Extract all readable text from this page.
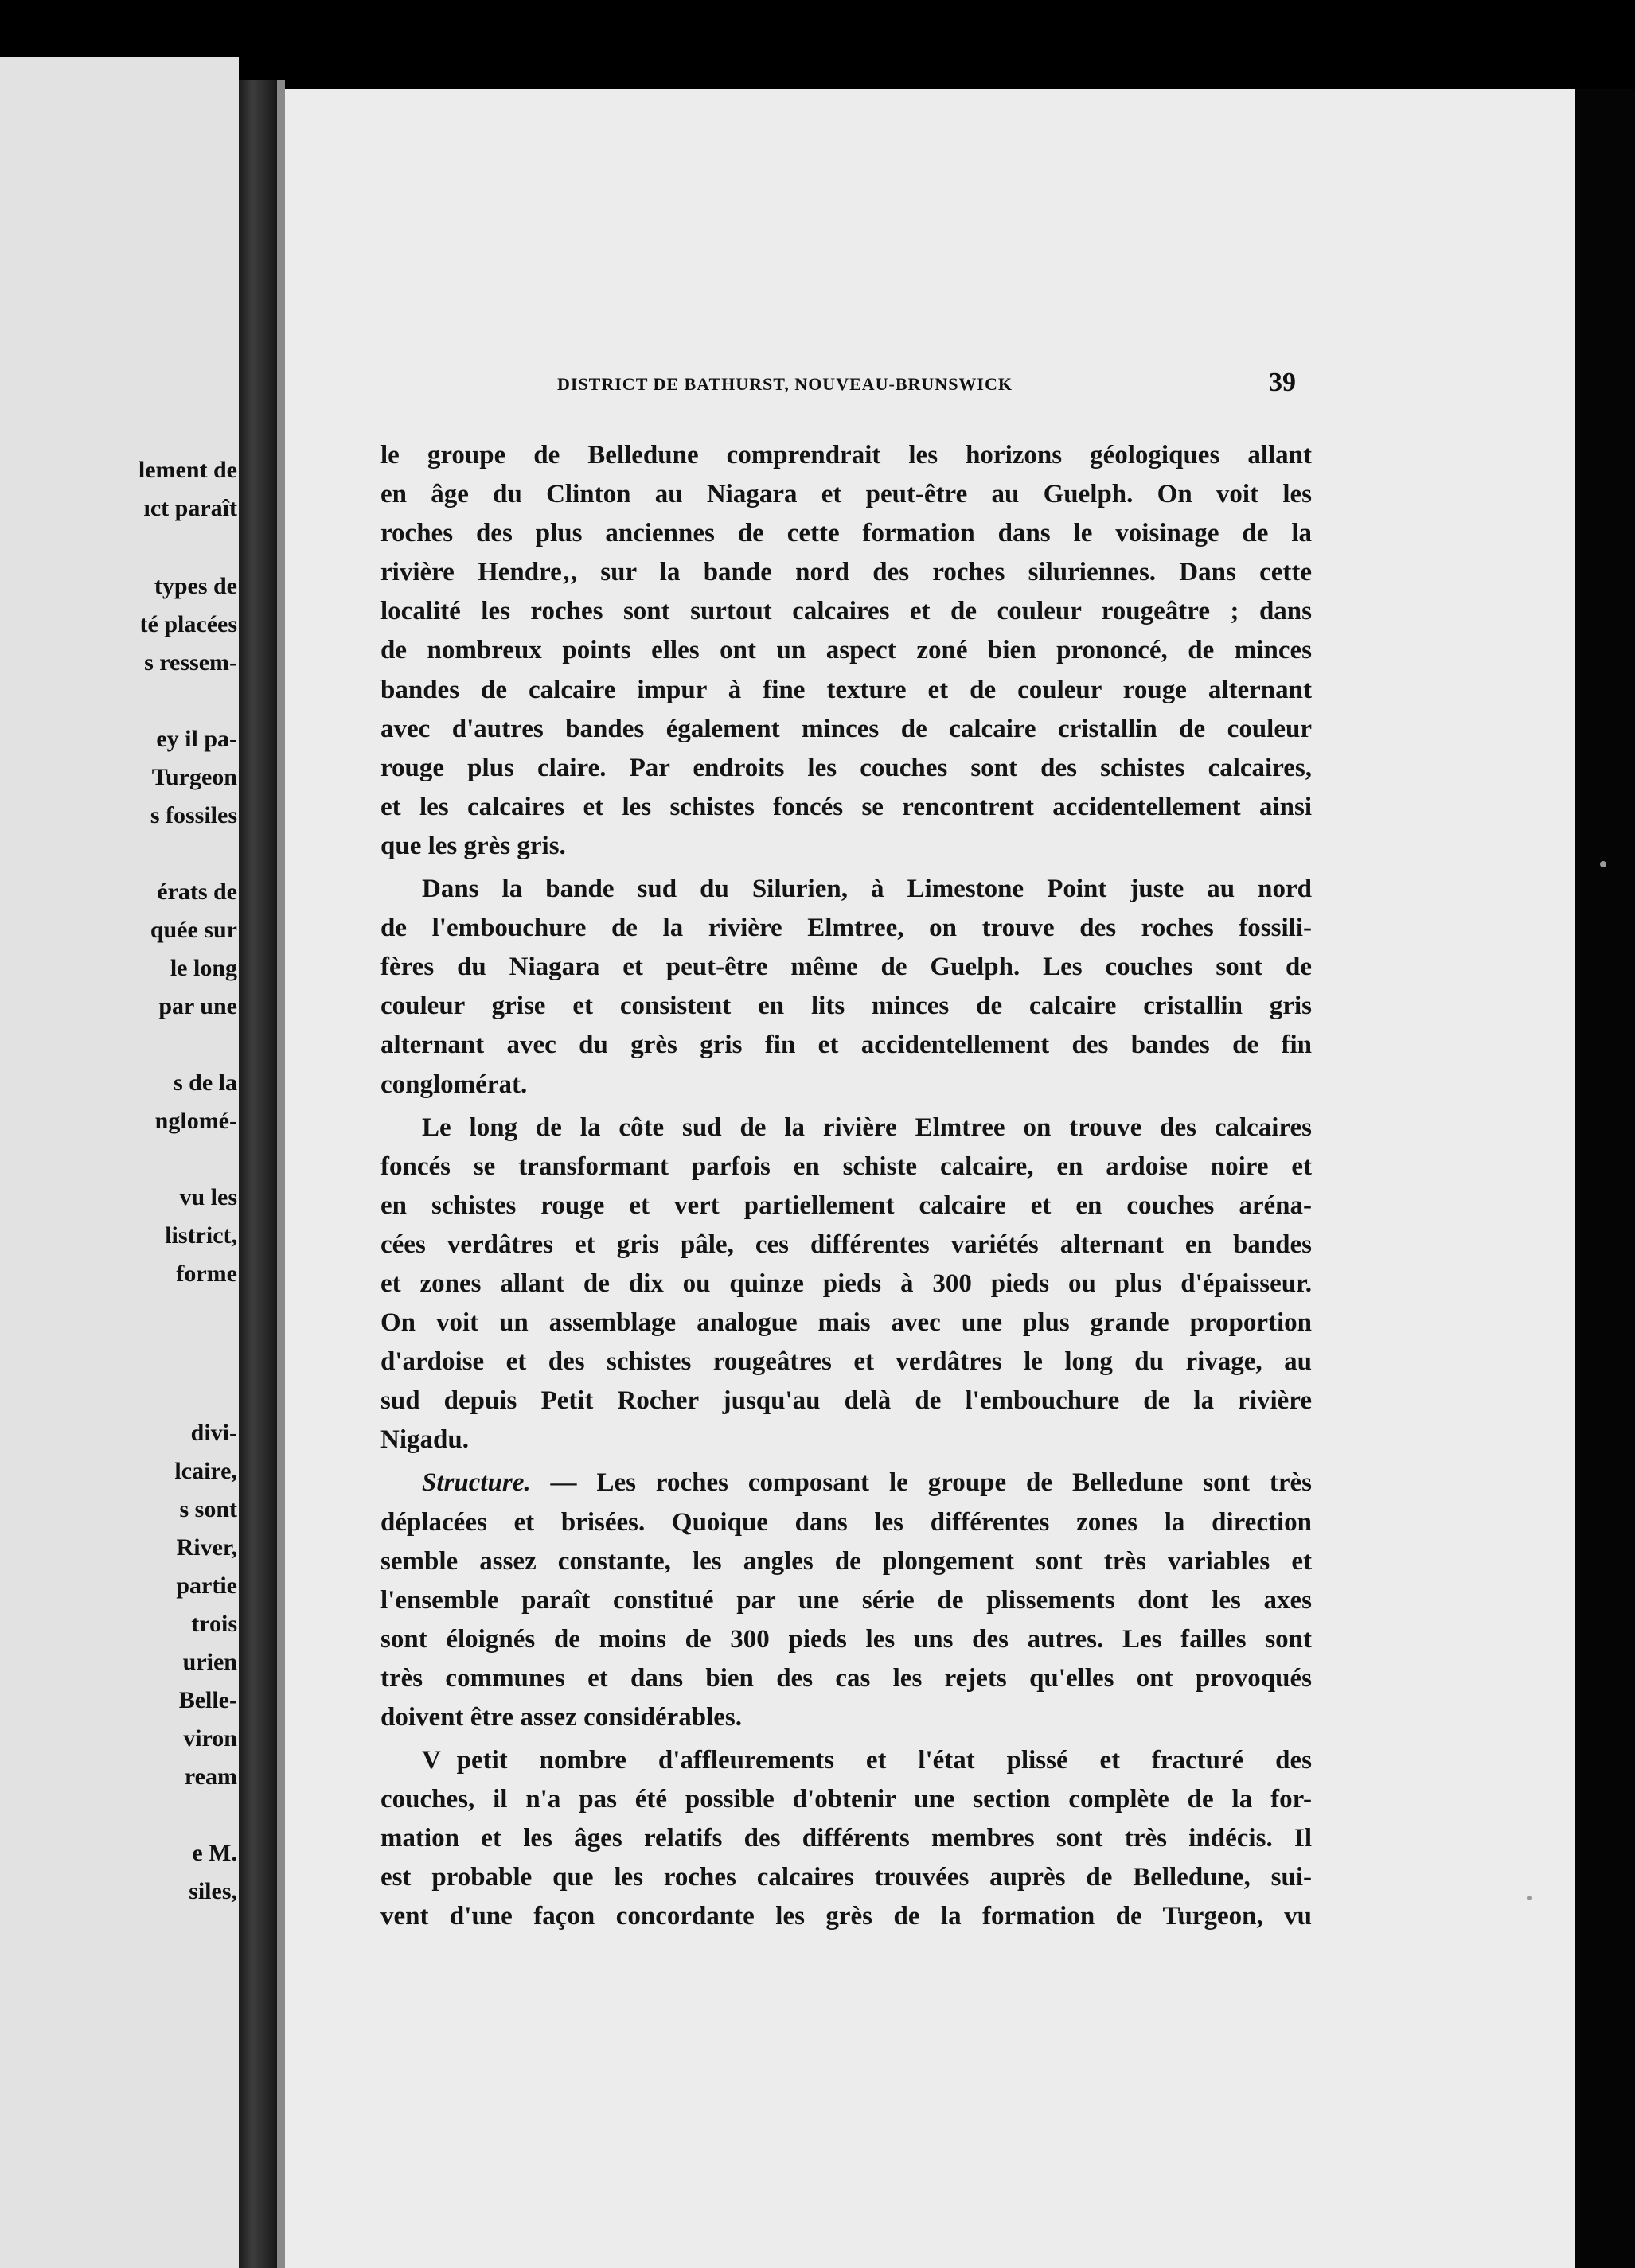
lement de

ıct paraît

types de

té placées

s ressem-

ey il pa-

Turgeon

s fossiles

érats de

quée sur

le long

par une

s de la

nglomé-

vu les

listrict,

forme

divi-

lcaire,

s sont

River,

partie

trois

urien

Belle-

viron

ream

e M.

siles,

DISTRICT DE BATHURST, NOUVEAU-BRUNSWICK	39

le groupe de Belledune comprendrait les horizons géologiques allant
en âge du Clinton au Niagara et peut-être au Guelph. On voit les
roches des plus anciennes de cette formation dans le voisinage de la
rivière Hendre‚, sur la bande nord des roches siluriennes. Dans cette
localité les roches sont surtout calcaires et de couleur rougeâtre ; dans
de nombreux points elles ont un aspect zoné bien prononcé, de minces
bandes de calcaire impur à fine texture et de couleur rouge alternant
avec d'autres bandes également minces de calcaire cristallin de couleur
rouge plus claire. Par endroits les couches sont des schistes calcaires,
et les calcaires et les schistes foncés se rencontrent accidentellement ainsi
que les grès gris.

Dans la bande sud du Silurien, à Limestone Point juste au nord
de l'embouchure de la rivière Elmtree, on trouve des roches fossili-
fères du Niagara et peut-être même de Guelph. Les couches sont de
couleur grise et consistent en lits minces de calcaire cristallin gris
alternant avec du grès gris fin et accidentellement des bandes de fin
conglomérat.

Le long de la côte sud de la rivière Elmtree on trouve des calcaires
foncés se transformant parfois en schiste calcaire, en ardoise noire et
en schistes rouge et vert partiellement calcaire et en couches aréna-
cées verdâtres et gris pâle, ces différentes variétés alternant en bandes
et zones allant de dix ou quinze pieds à 300 pieds ou plus d'épaisseur.
On voit un assemblage analogue mais avec une plus grande proportion
d'ardoise et des schistes rougeâtres et verdâtres le long du rivage, au
sud depuis Petit Rocher jusqu'au delà de l'embouchure de la rivière
Nigadu.

Structure. — Les roches composant le groupe de Belledune sont très
déplacées et brisées. Quoique dans les différentes zones la direction
semble assez constante, les angles de plongement sont très variables et
l'ensemble paraît constitué par une série de plissements dont les axes
sont éloignés de moins de 300 pieds les uns des autres. Les failles sont
très communes et dans bien des cas les rejets qu'elles ont provoqués
doivent être assez considérables.

V   petit nombre d'affleurements et l'état plissé et fracturé des
couches, il n'a pas été possible d'obtenir une section complète de la for-
mation et les âges relatifs des différents membres sont très indécis. Il
est probable que les roches calcaires trouvées auprès de Belledune, sui-
vent d'une façon concordante les grès de la formation de Turgeon, vu
